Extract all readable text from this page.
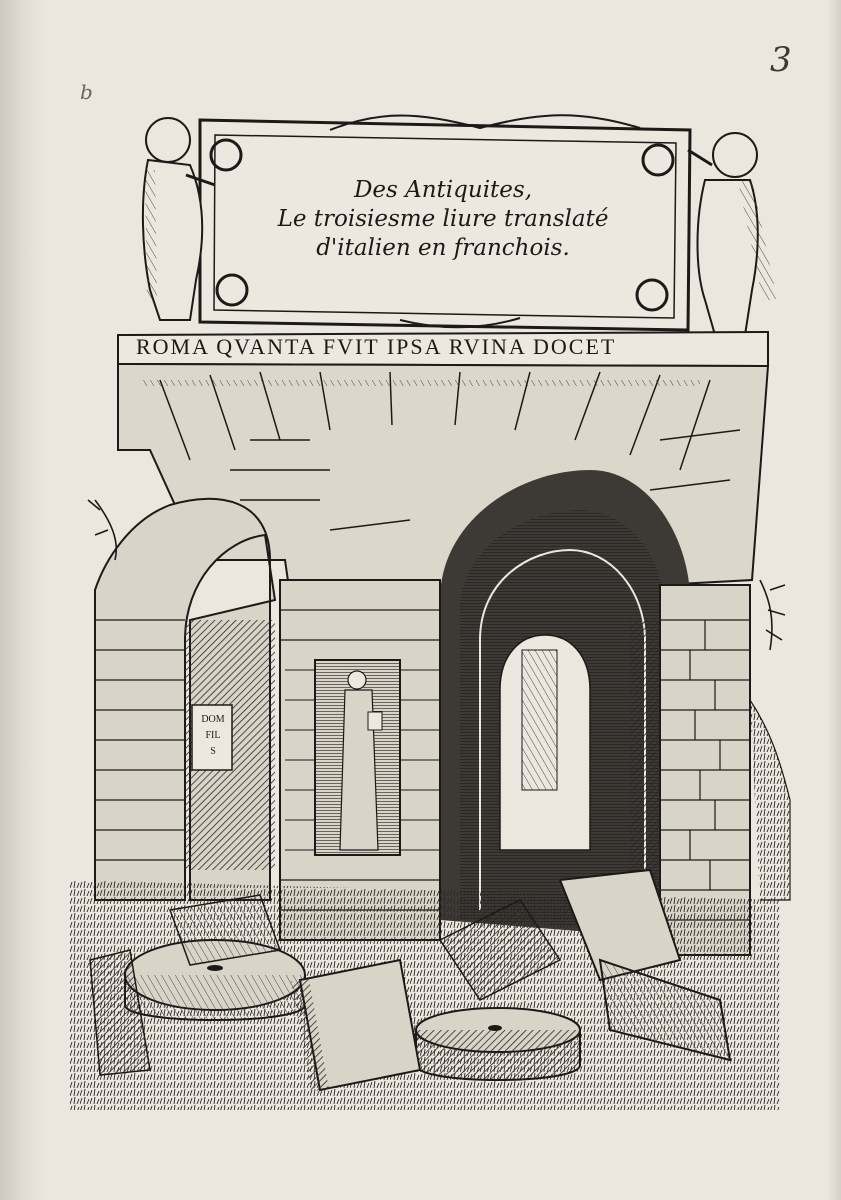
b
3
Des Antiquites,
Le troisiesme liure translaté
d'italien en franchois.
ROMA QVANTA FVIT IPSA RVINA DOCET
DOM
FIL
S
